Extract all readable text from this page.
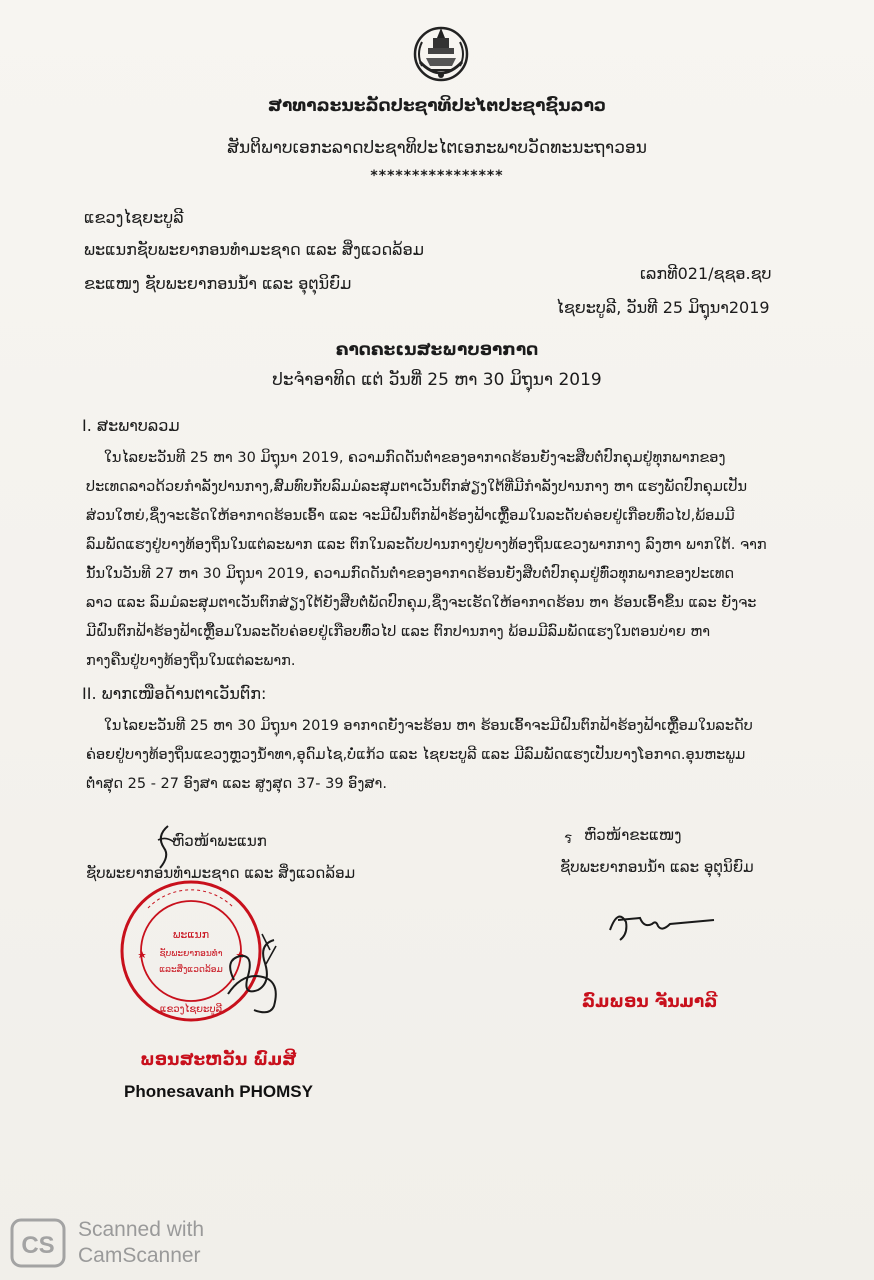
ສາທາລະນະລັດປະຊາທິປະໄຕປະຊາຊົນລາວ
ສັນຕິພາບເອກະລາດປະຊາທິປະໄຕເອກະພາບວັດທະນະຖາວອນ
****************
ແຂວງໄຊຍະບູລີ
ພະແນກຊັບພະຍາກອນທຳມະຊາດ ແລະ ສິ່ງແວດລ້ອມ
ຂະແໜງ ຊັບພະຍາກອນນ້ຳ ແລະ ອຸຕຸນິຍົມ
ເລກທີ021/ຊຊອ.ຊບ
ໄຊຍະບູລີ, ວັນທີ 25 ມິຖຸນາ2019
ຄາດຄະເນສະພາບອາກາດ
ປະຈຳອາທິດ ແຕ່ ວັນທີ່ 25 ຫາ 30 ມິຖຸນາ 2019
I. ສະພາບລວມ
ໃນໄລຍະວັນທີ 25 ຫາ 30 ມິຖຸນາ 2019, ຄວາມກົດດັນຕ່ຳຂອງອາກາດຮ້ອນຍັງຈະສືບຕໍ່ປົກຄຸມຢູ່ທຸກພາກຂອງ
ປະເທດລາວດ້ວຍກຳລັງປານກາງ,ສົມທົບກັບລົມມໍລະສຸມຕາເວັນຕົກສ່ຽງໃຕ້ທີ່ມີກຳລັງປານກາງ ຫາ ແຮງພັດປົກຄຸມເປັນ
ສ່ວນໃຫຍ່,ຊຶ່ງຈະເຮັດໃຫ້ອາກາດຮ້ອນເອົ້າ ແລະ ຈະມີຝົນຕົກຟ້າຮ້ອງຟ້າເຫຼື້ອມໃນລະດັບຄ່ອຍຢູ່ເກືອບທົ່ວໄປ,ພ້ອມມີ
ລົມພັດແຮງຢູ່ບາງທ້ອງຖິ່ນໃນແຕ່ລະພາກ ແລະ ຕົກໃນລະດັບປານກາງຢູ່ບາງທ້ອງຖິ່ນແຂວງພາກກາງ ລົງຫາ ພາກໃຕ້. ຈາກ
ນັ້ນໃນວັນທີ 27 ຫາ 30 ມິຖຸນາ 2019, ຄວາມກົດດັນຕ່ຳຂອງອາກາດຮ້ອນຍັງສືບຕໍ່ປົກຄຸມຢູ່ທົ່ວທຸກພາກຂອງປະເທດ
ລາວ ແລະ ລົມມໍລະສຸມຕາເວັນຕົກສ່ຽງໃຕ້ຍັງສືບຕໍ່ພັດປົກຄຸມ,ຊຶ່ງຈະເຮັດໃຫ້ອາກາດຮ້ອນ ຫາ ຮ້ອນເອົ້າຂຶ້ນ ແລະ ຍັງຈະ
ມີຝົນຕົກຟ້າຮ້ອງຟ້າເຫຼື້ອມໃນລະດັບຄ່ອຍຢູ່ເກືອບທົ່ວໄປ ແລະ ຕົກປານກາງ ພ້ອມມີລົມພັດແຮງໃນຕອນບ່າຍ ຫາ
ກາງຄືນຢູ່ບາງທ້ອງຖິ່ນໃນແຕ່ລະພາກ.
II. ພາກເໜືອດ້ານຕາເວັນຕົກ:
ໃນໄລຍະວັນທີ 25 ຫາ 30 ມິຖຸນາ 2019 ອາກາດຍັງຈະຮ້ອນ ຫາ ຮ້ອນເອົ້າຈະມີຝົນຕົກຟ້າຮ້ອງຟ້າເຫຼື້ອມໃນລະດັບ
ຄ່ອຍຢູ່ບາງທ້ອງຖິ່ນແຂວງຫຼວງນ້ຳທາ,ອຸດົມໄຊ,ບໍ່ແກ້ວ ແລະ ໄຊຍະບູລີ ແລະ ມີລົມພັດແຮງເປັນບາງໂອກາດ.ອຸນຫະພູມ
ຕ່ຳສຸດ 25 - 27 ອົງສາ ແລະ ສູງສຸດ 37- 39 ອົງສາ.
ຫົວໜ້າພະແນກ
ຊັບພະຍາກອນທຳມະຊາດ ແລະ ສິ່ງແວດລ້ອມ
ພະແນກ
ຊັບພະຍາກອນທຳ
ແລະສິ່ງແວດລ້ອມ
ແຂວງໄຊຍະບູລີ
ພອນສະຫວັນ ພົມສີ
Phonesavanh PHOMSY
ຫົວໜ້າຂະແໜງ
ร
ຊັບພະຍາກອນນ້ຳ ແລະ ອຸຕຸນິຍົມ
ລົມພອນ ຈັນມາລີ
CS
Scanned with
CamScanner
